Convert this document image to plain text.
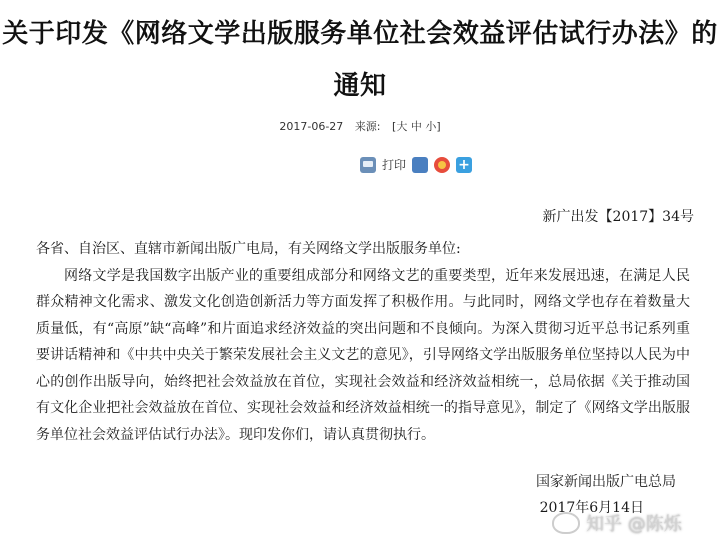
关于印发《网络文学出版服务单位社会效益评估试行办法》的
通知
2017-06-27 来源: [大 中 小]
打印	+
新广出发【2017】34号

各省、自治区、直辖市新闻出版广电局，有关网络文学出版服务单位:

网络文学是我国数字出版产业的重要组成部分和网络文艺的重要类型，近年来发展迅速，在满足人民群众精神文化需求、激发文化创造创新活力等方面发挥了积极作用。与此同时，网络文学也存在着数量大质量低，有“高原”缺“高峰”和片面追求经济效益的突出问题和不良倾向。为深入贯彻习近平总书记系列重要讲话精神和《中共中央关于繁荣发展社会主义文艺的意见》，引导网络文学出版服务单位坚持以人民为中心的创作出版导向，始终把社会效益放在首位，实现社会效益和经济效益相统一，总局依据《关于推动国有文化企业把社会效益放在首位、实现社会效益和经济效益相统一的指导意见》，制定了《网络文学出版服务单位社会效益评估试行办法》。现印发你们，请认真贯彻执行。

国家新闻出版广电总局
2017年6月14日
知乎 @陈烁
